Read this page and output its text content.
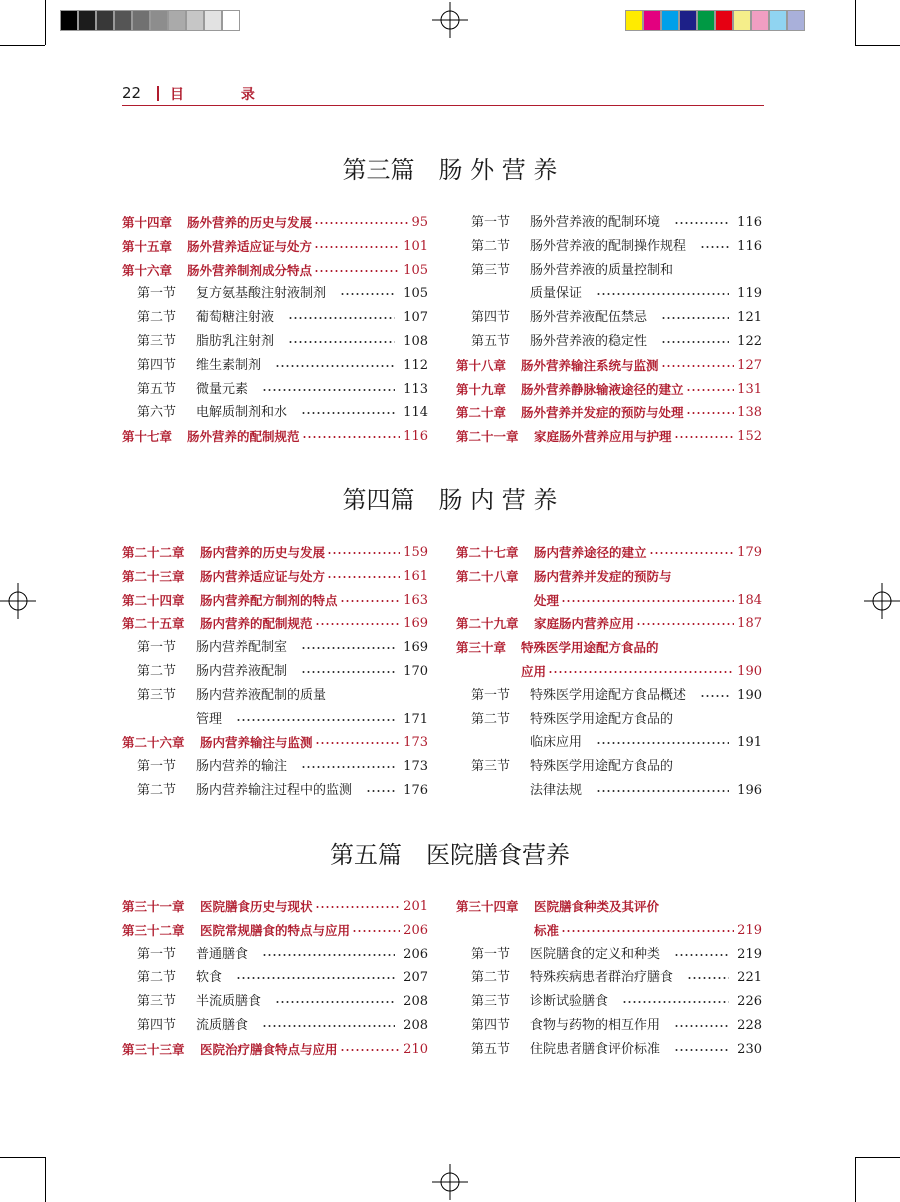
22 目 录
第三篇　肠 外 营 养
第十四章 肠外营养的历史与发展	95
第十五章 肠外营养适应证与处方	101
第十六章 肠外营养制剂成分特点	105
第一节 复方氨基酸注射液制剂	105
第二节 葡萄糖注射液	107
第三节 脂肪乳注射剂	108
第四节 维生素制剂	112
第五节 微量元素	113
第六节 电解质制剂和水	114
第十七章 肠外营养的配制规范	116
第一节 肠外营养液的配制环境	116
第二节 肠外营养液的配制操作规程	116
第三节 肠外营养液的质量控制和
质量保证	119
第四节 肠外营养液配伍禁忌	121
第五节 肠外营养液的稳定性	122
第十八章 肠外营养输注系统与监测	127
第十九章 肠外营养静脉输液途径的建立	131
第二十章 肠外营养并发症的预防与处理	138
第二十一章 家庭肠外营养应用与护理	152
第四篇　肠 内 营 养
第二十二章 肠内营养的历史与发展	159
第二十三章 肠内营养适应证与处方	161
第二十四章 肠内营养配方制剂的特点	163
第二十五章 肠内营养的配制规范	169
第一节 肠内营养配制室	169
第二节 肠内营养液配制	170
第三节 肠内营养液配制的质量
管理	171
第二十六章 肠内营养输注与监测	173
第一节 肠内营养的输注	173
第二节 肠内营养输注过程中的监测	176
第二十七章 肠内营养途径的建立	179
第二十八章 肠内营养并发症的预防与
处理	184
第二十九章 家庭肠内营养应用	187
第三十章 特殊医学用途配方食品的
应用	190
第一节 特殊医学用途配方食品概述	190
第二节 特殊医学用途配方食品的
临床应用	191
第三节 特殊医学用途配方食品的
法律法规	196
第五篇　医院膳食营养
第三十一章 医院膳食历史与现状	201
第三十二章 医院常规膳食的特点与应用	206
第一节 普通膳食	206
第二节 软食	207
第三节 半流质膳食	208
第四节 流质膳食	208
第三十三章 医院治疗膳食特点与应用	210
第三十四章 医院膳食种类及其评价
标准	219
第一节 医院膳食的定义和种类	219
第二节 特殊疾病患者群治疗膳食	221
第三节 诊断试验膳食	226
第四节 食物与药物的相互作用	228
第五节 住院患者膳食评价标准	230
